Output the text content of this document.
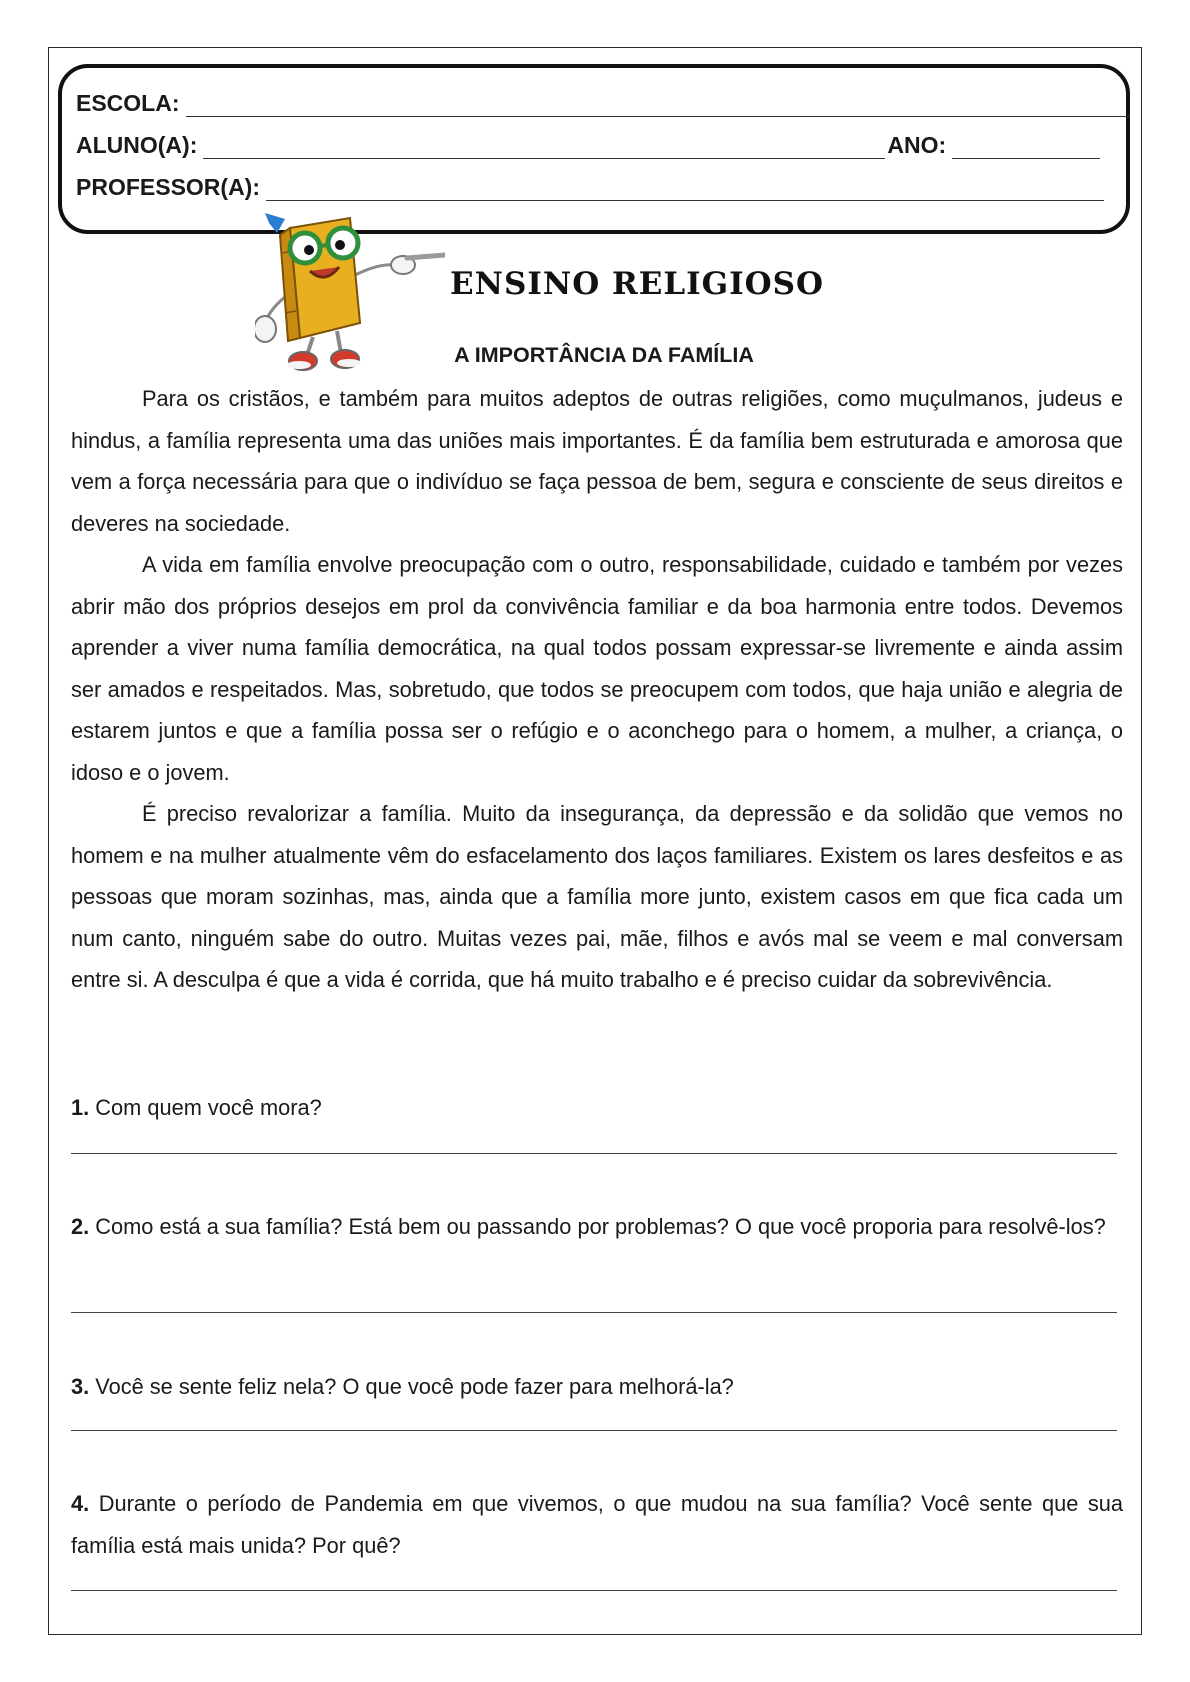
ESCOLA:
ALUNO(A):	ANO:
PROFESSOR(A):
ENSINO RELIGIOSO
A IMPORTÂNCIA DA FAMÍLIA

Para os cristãos, e também para muitos adeptos de outras religiões, como muçulmanos, judeus e hindus, a família representa uma das uniões mais importantes. É da família bem estruturada e amorosa que vem a força necessária para que o indivíduo se faça pessoa de bem, segura e consciente de seus direitos e deveres na sociedade.

A vida em família envolve preocupação com o outro, responsabilidade, cuidado e também por vezes abrir mão dos próprios desejos em prol da convivência familiar e da boa harmonia entre todos. Devemos aprender a viver numa família democrática, na qual todos possam expressar-se livremente e ainda assim ser amados e respeitados. Mas, sobretudo, que todos se preocupem com todos, que haja união e alegria de estarem juntos e que a família possa ser o refúgio e o aconchego para o homem, a mulher, a criança, o idoso e o jovem.

É preciso revalorizar a família. Muito da insegurança, da depressão e da solidão que vemos no homem e na mulher atualmente vêm do esfacelamento dos laços familiares. Existem os lares desfeitos e as pessoas que moram sozinhas, mas, ainda que a família more junto, existem casos em que fica cada um num canto, ninguém sabe do outro. Muitas vezes pai, mãe, filhos e avós mal se veem e mal conversam entre si. A desculpa é que a vida é corrida, que há muito trabalho e é preciso cuidar da sobrevivência.

1. Com quem você mora?
2. Como está a sua família? Está bem ou passando por problemas? O que você proporia para resolvê-los?
3. Você se sente feliz nela? O que você pode fazer para melhorá-la?
4. Durante o período de Pandemia em que vivemos, o que mudou na sua família? Você sente que sua família está mais unida? Por quê?
